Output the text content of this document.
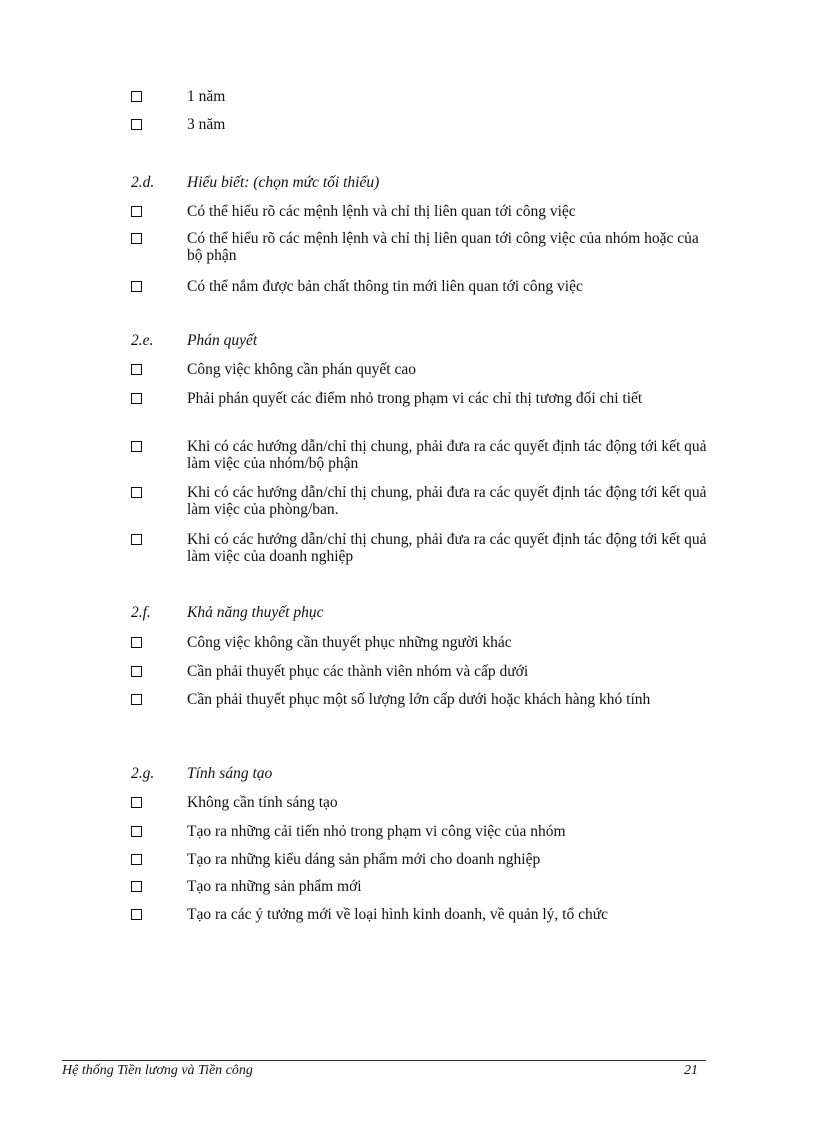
1 năm
3 năm
2.d. Hiểu biết: (chọn mức tối thiểu)
Có thể hiểu rõ các mệnh lệnh và chỉ thị liên quan tới công việc
Có thể hiểu rõ các mệnh lệnh và chỉ thị liên quan tới công việc của nhóm hoặc của bộ phận
Có thể nắm được bản chất thông tin mới liên quan tới công việc
2.e. Phán quyết
Công việc không cần phán quyết cao
Phải phán quyết các điểm nhỏ trong phạm vi các chỉ thị tương đối chi tiết
Khi có các hướng dẫn/chỉ thị chung, phải đưa ra các quyết định tác động tới kết quả làm việc của nhóm/bộ phận
Khi có các hướng dẫn/chỉ thị chung, phải đưa ra các quyết định tác động tới kết quả làm việc của phòng/ban.
Khi có các hướng dẫn/chỉ thị chung, phải đưa ra các quyết định tác động tới kết quả làm việc của doanh nghiệp
2.f. Khả năng thuyết phục
Công việc không cần thuyết phục những người khác
Cần phải thuyết phục các thành viên nhóm và cấp dưới
Cần phải thuyết phục một số lượng lớn cấp dưới hoặc khách hàng khó tính
2.g. Tính sáng tạo
Không cần tính sáng tạo
Tạo ra những cải tiến nhỏ trong phạm vi công việc của nhóm
Tạo ra những kiểu dáng sản phẩm mới cho doanh nghiệp
Tạo ra những sản phẩm mới
Tạo ra các ý tưởng mới về loại hình kinh doanh, về quản lý, tổ chức
Hệ thống Tiền lương và Tiền công	21
